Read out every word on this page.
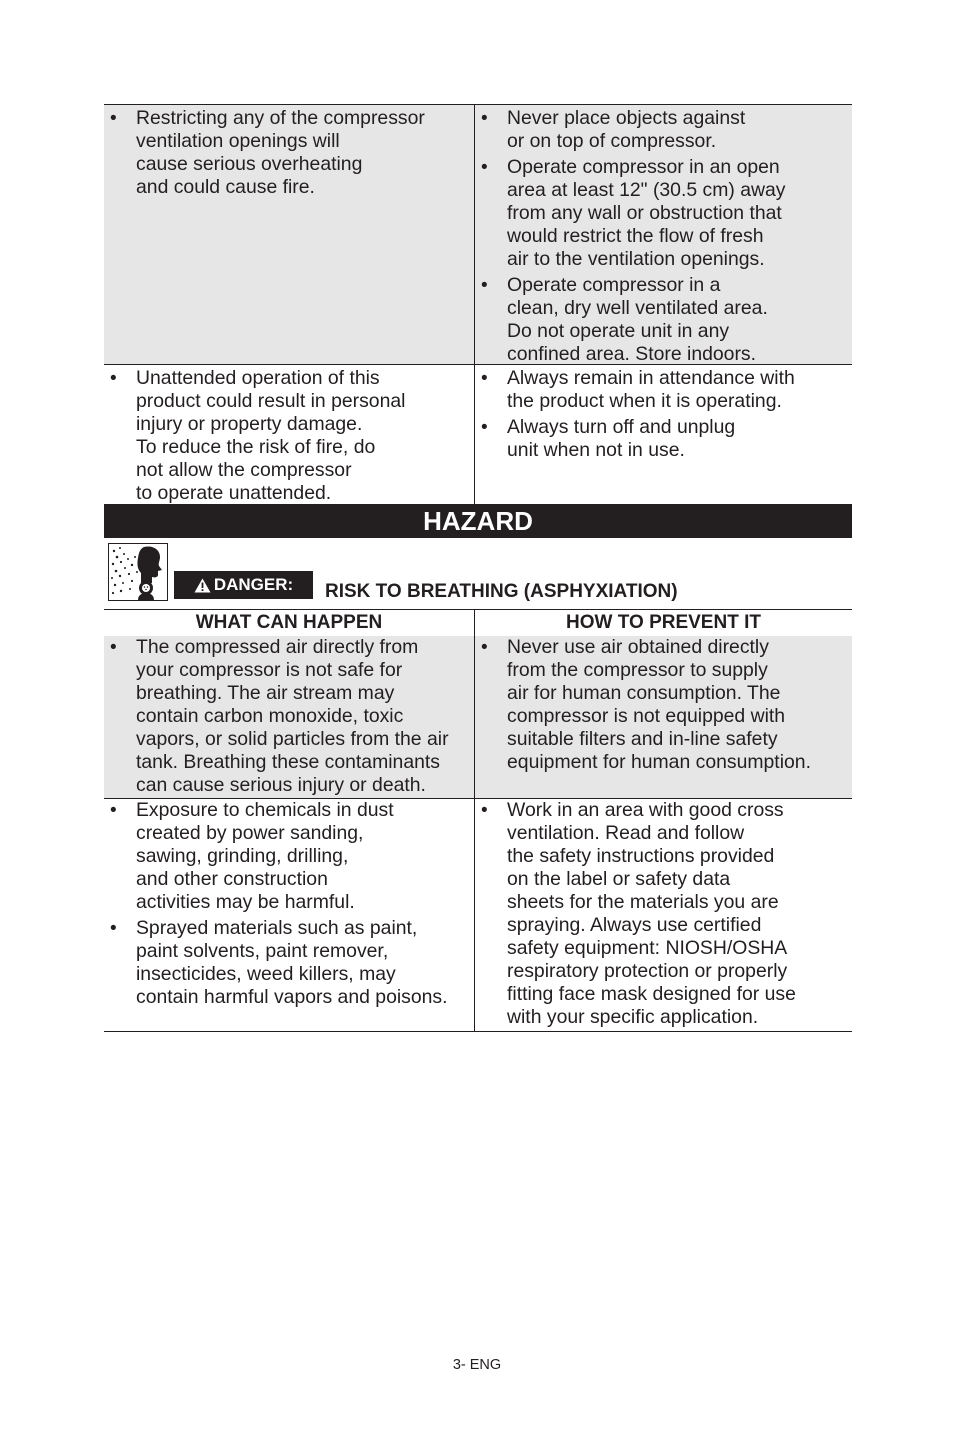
• Restricting any of the compressor
ventilation openings will
cause serious overheating
and could cause fire.
• Never place objects against
or on top of compressor.
• Operate compressor in an open
area at least 12" (30.5 cm) away
from any wall or obstruction that
would restrict the flow of fresh
air to the ventilation openings.
• Operate compressor in a
clean, dry well ventilated area.
Do not operate unit in any
confined area. Store indoors.
• Unattended operation of this
product could result in personal
injury or property damage.
To reduce the risk of fire, do
not allow the compressor
to operate unattended.
• Always remain in attendance with
the product when it is operating.
• Always turn off and unplug
unit when not in use.
HAZARD
DANGER: RISK TO BREATHING (ASPHYXIATION)
WHAT CAN HAPPEN	HOW TO PREVENT IT
• The compressed air directly from
your compressor is not safe for
breathing. The air stream may
contain carbon monoxide, toxic
vapors, or solid particles from the air
tank. Breathing these contaminants
can cause serious injury or death.
• Never use air obtained directly
from the compressor to supply
air for human consumption. The
compressor is not equipped with
suitable filters and in-line safety
equipment for human consumption.
• Exposure to chemicals in dust
created by power sanding,
sawing, grinding, drilling,
and other construction
activities may be harmful.
• Sprayed materials such as paint,
paint solvents, paint remover,
insecticides, weed killers, may
contain harmful vapors and poisons.
• Work in an area with good cross
ventilation. Read and follow
the safety instructions provided
on the label or safety data
sheets for the materials you are
spraying. Always use certified
safety equipment: NIOSH/OSHA
respiratory protection or properly
fitting face mask designed for use
with your specific application.
3- ENG
